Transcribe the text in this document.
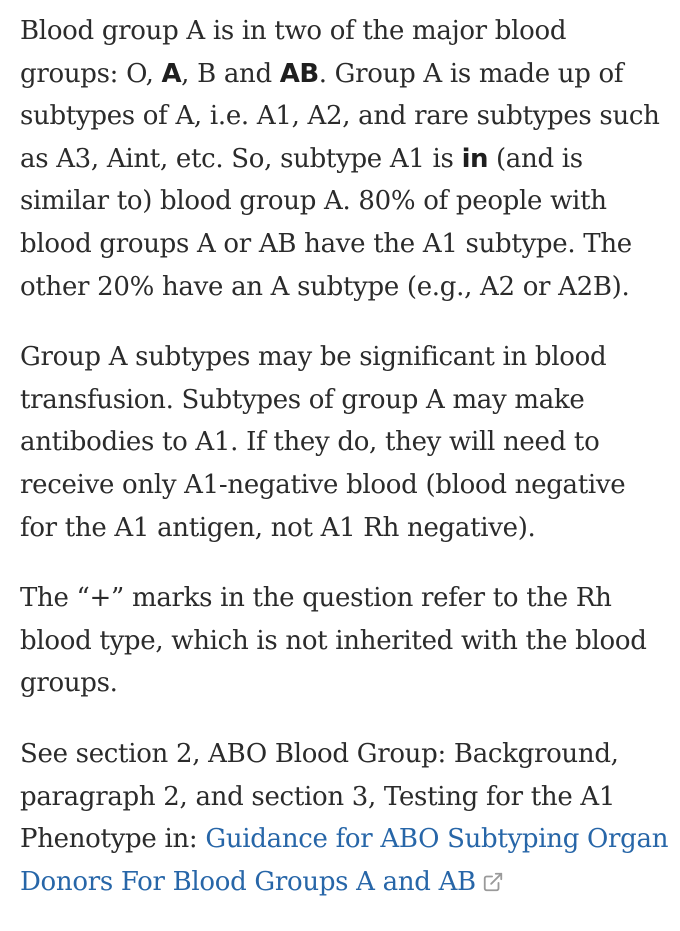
Blood group A is in two of the major blood groups: O, A, B and AB. Group A is made up of subtypes of A, i.e. A1, A2, and rare subtypes such as A3, Aint, etc. So, subtype A1 is in (and is similar to) blood group A. 80% of people with blood groups A or AB have the A1 subtype. The other 20% have an A subtype (e.g., A2 or A2B).

Group A subtypes may be significant in blood transfusion. Subtypes of group A may make antibodies to A1. If they do, they will need to receive only A1-negative blood (blood negative for the A1 antigen, not A1 Rh negative).

The “+” marks in the question refer to the Rh blood type, which is not inherited with the blood groups.

See section 2, ABO Blood Group: Background, paragraph 2, and section 3, Testing for the A1 Phenotype in: Guidance for ABO Subtyping Organ Donors For Blood Groups A and AB
